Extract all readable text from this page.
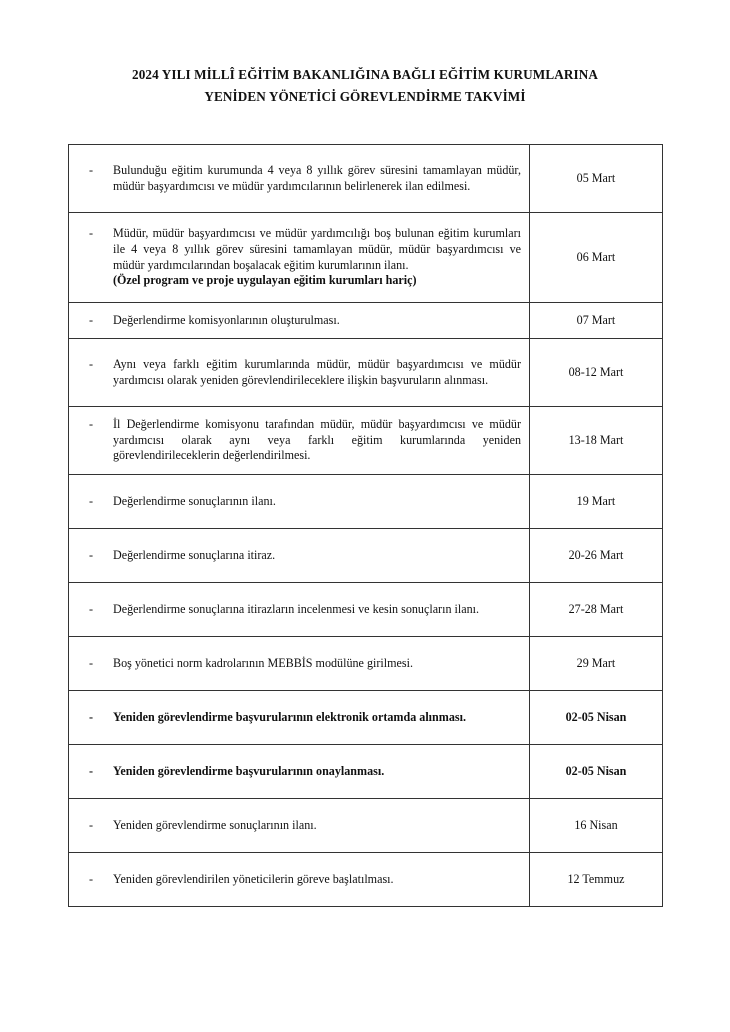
2024 YILI MİLLÎ EĞİTİM BAKANLIĞINA BAĞLI EĞİTİM KURUMLARINA
YENİDEN YÖNETİCİ GÖREVLENDİRME TAKVİMİ
- Bulunduğu eğitim kurumunda 4 veya 8 yıllık görev süresini tamamlayan müdür, müdür başyardımcısı ve müdür yardımcılarının belirlenerek ilan edilmesi.	05 Mart

- Müdür, müdür başyardımcısı ve müdür yardımcılığı boş bulunan eğitim kurumları ile 4 veya 8 yıllık görev süresini tamamlayan müdür, müdür başyardımcısı ve müdür yardımcılarından boşalacak eğitim kurumlarının ilanı.
(Özel program ve proje uygulayan eğitim kurumları hariç)	06 Mart

- Değerlendirme komisyonlarının oluşturulması.	07 Mart

- Aynı veya farklı eğitim kurumlarında müdür, müdür başyardımcısı ve müdür yardımcısı olarak yeniden görevlendirileceklere ilişkin başvuruların alınması.	08-12 Mart

- İl Değerlendirme komisyonu tarafından müdür, müdür başyardımcısı ve müdür yardımcısı olarak aynı veya farklı eğitim kurumlarında yeniden görevlendirileceklerin değerlendirilmesi.	13-18 Mart

- Değerlendirme sonuçlarının ilanı.	19 Mart

- Değerlendirme sonuçlarına itiraz.	20-26 Mart

- Değerlendirme sonuçlarına itirazların incelenmesi ve kesin sonuçların ilanı.	27-28 Mart

- Boş yönetici norm kadrolarının MEBBİS modülüne girilmesi.	29 Mart

- Yeniden görevlendirme başvurularının elektronik ortamda alınması.	02-05 Nisan

- Yeniden görevlendirme başvurularının onaylanması.	02-05 Nisan

- Yeniden görevlendirme sonuçlarının ilanı.	16 Nisan

- Yeniden görevlendirilen yöneticilerin göreve başlatılması.	12 Temmuz
